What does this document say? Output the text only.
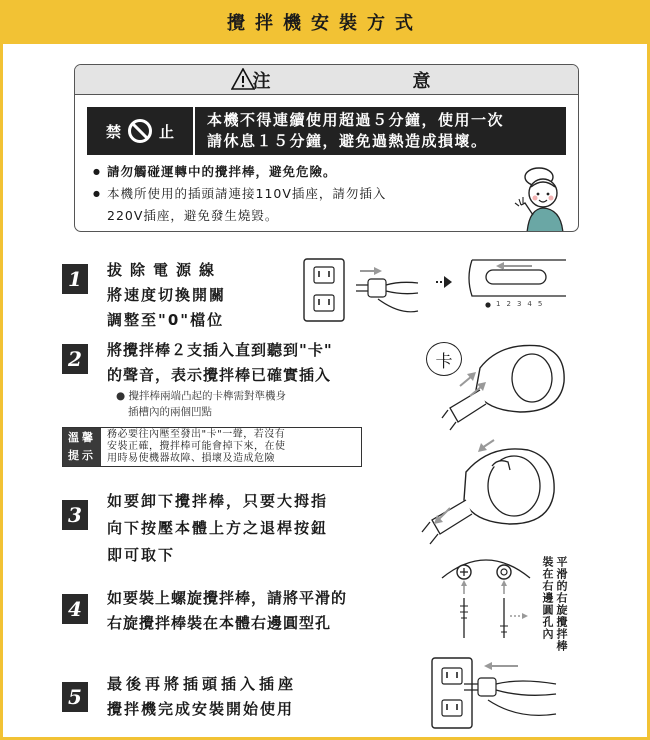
攪拌機安裝方式
注　意
禁	止
本機不得連續使用超過５分鐘，使用一次
請休息１５分鐘，避免過熱造成損壞。
● 請勿觸碰運轉中的攪拌棒，避免危險。
● 本機所使用的插頭請連接110V插座，請勿插入
220V插座，避免發生燒毀。
1	拔除電源線
將速度切換開關
調整至"0"檔位
1 2 3 4 5
2	將攪拌棒２支插入直到聽到"卡"
的聲音，表示攪拌棒已確實插入
● 攪拌棒兩端凸起的卡榫需對準機身
插槽內的兩個凹點
溫馨提示
務必要往內壓至發出"卡"一聲，若沒有
安裝正確，攪拌棒可能會掉下來，在使
用時易使機器故障、損壞及造成危險
卡
3
如要卸下攪拌棒，只要大拇指
向下按壓本體上方之退桿按鈕
即可取下
4	如要裝上螺旋攪拌棒，請將平滑的
右旋攪拌棒裝在本體右邊圓型孔	平滑的右旋攪拌棒裝在右邊圓孔內
5
最後再將插頭插入插座
攪拌機完成安裝開始使用
